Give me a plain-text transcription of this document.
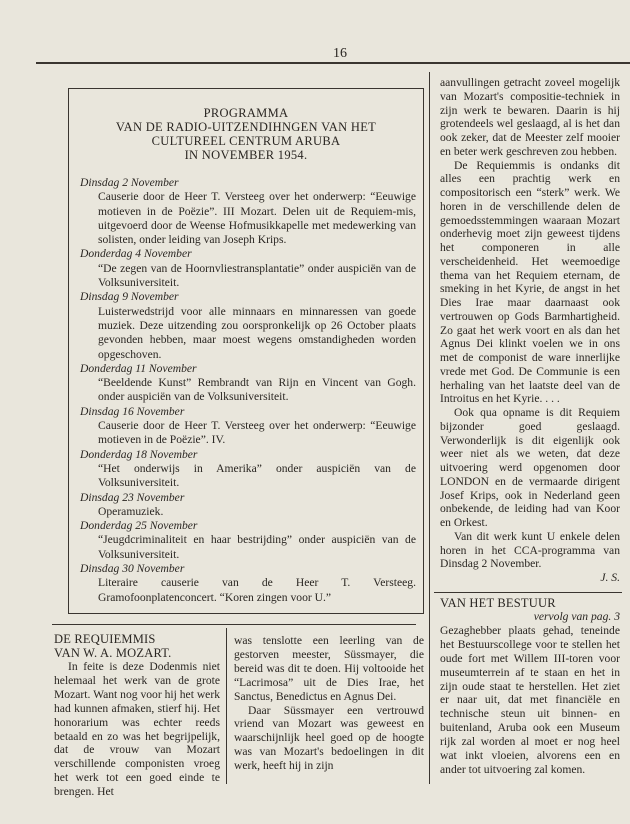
16
PROGRAMMA
VAN DE RADIO-UITZENDIHNGEN VAN HET
CULTUREEL CENTRUM ARUBA
IN NOVEMBER 1954.
Dinsdag 2 November
Causerie door de Heer T. Versteeg over het onderwerp: “Eeuwige motieven in de Poëzie”. III Mozart. Delen uit de Requiem-mis, uitgevoerd door de Weense Hofmusikkapelle met medewerking van solisten, onder leiding van Joseph Krips.
Donderdag 4 November
“De zegen van de Hoornvliestransplantatie” onder auspiciën van de Volksuniversiteit.
Dinsdag 9 November
Luisterwedstrijd voor alle minnaars en minnaressen van goede muziek. Deze uitzending zou oorspronkelijk op 26 October plaats gevonden hebben, maar moest wegens omstandigheden worden opgeschoven.
Donderdag 11 November
“Beeldende Kunst” Rembrandt van Rijn en Vincent van Gogh. onder auspiciën van de Volksuniversiteit.
Dinsdag 16 November
Causerie door de Heer T. Versteeg over het onderwerp: “Eeuwige motieven in de Poëzie”. IV.
Donderdag 18 November
“Het onderwijs in Amerika” onder auspiciën van de Volksuniversiteit.
Dinsdag 23 November
Operamuziek.
Donderdag 25 November
“Jeugdcriminaliteit en haar bestrijding” onder auspiciën van de Volksuniversiteit.
Dinsdag 30 November
Literaire causerie van de Heer T. Versteeg. Gramofoonplatenconcert. “Koren zingen voor U.”
DE REQUIEMMIS
VAN W. A. MOZART.

In feite is deze Dodenmis niet helemaal het werk van de grote Mozart. Want nog voor hij het werk had kunnen afmaken, stierf hij. Het honorarium was echter reeds betaald en zo was het begrijpelijk, dat de vrouw van Mozart verschillende componisten vroeg het werk tot een goed einde te brengen. Het

was tenslotte een leerling van de gestorven meester, Süssmayer, die bereid was dit te doen. Hij voltooide het “Lacrimosa” uit de Dies Irae, het Sanctus, Benedictus en Agnus Dei.

Daar Süssmayer een vertrouwd vriend van Mozart was geweest en waarschijnlijk heel goed op de hoogte was van Mozart's bedoelingen in dit werk, heeft hij in zijn

aanvullingen getracht zoveel mogelijk van Mozart's compositie-techniek in zijn werk te bewaren. Daarin is hij grotendeels wel geslaagd, al is het dan ook zeker, dat de Meester zelf mooier en beter werk geschreven zou hebben.

De Requiemmis is ondanks dit alles een prachtig werk en compositorisch een “sterk” werk. We horen in de verschillende delen de gemoedsstemmingen waaraan Mozart onderhevig moet zijn geweest tijdens het componeren in alle verscheidenheid. Het weemoedige thema van het Requiem eternam, de smeking in het Kyrie, de angst in het Dies Irae maar daarnaast ook vertrouwen op Gods Barmhartigheid. Zo gaat het werk voort en als dan het Agnus Dei klinkt voelen we in ons met de componist de ware innerlijke vrede met God. De Communie is een herhaling van het laatste deel van de Introitus en het Kyrie. . . .

Ook qua opname is dit Requiem bijzonder goed geslaagd. Verwonderlijk is dit eigenlijk ook weer niet als we weten, dat deze uitvoering werd opgenomen door LONDON en de vermaarde dirigent Josef Krips, ook in Nederland geen onbekende, de leiding had van Koor en Orkest.

Van dit werk kunt U enkele delen horen in het CCA-programma van Dinsdag 2 November.

J. S.
VAN HET BESTUUR
vervolg van pag. 3

Gezaghebber plaats gehad, teneinde het Bestuurscollege voor te stellen het oude fort met Willem III-toren voor museumterrein af te staan en het in zijn oude staat te herstellen. Het ziet er naar uit, dat met financiële en technische steun uit binnen- en buitenland, Aruba ook een Museum rijk zal worden al moet er nog heel wat inkt vloeien, alvorens een en ander tot uitvoering zal komen.
